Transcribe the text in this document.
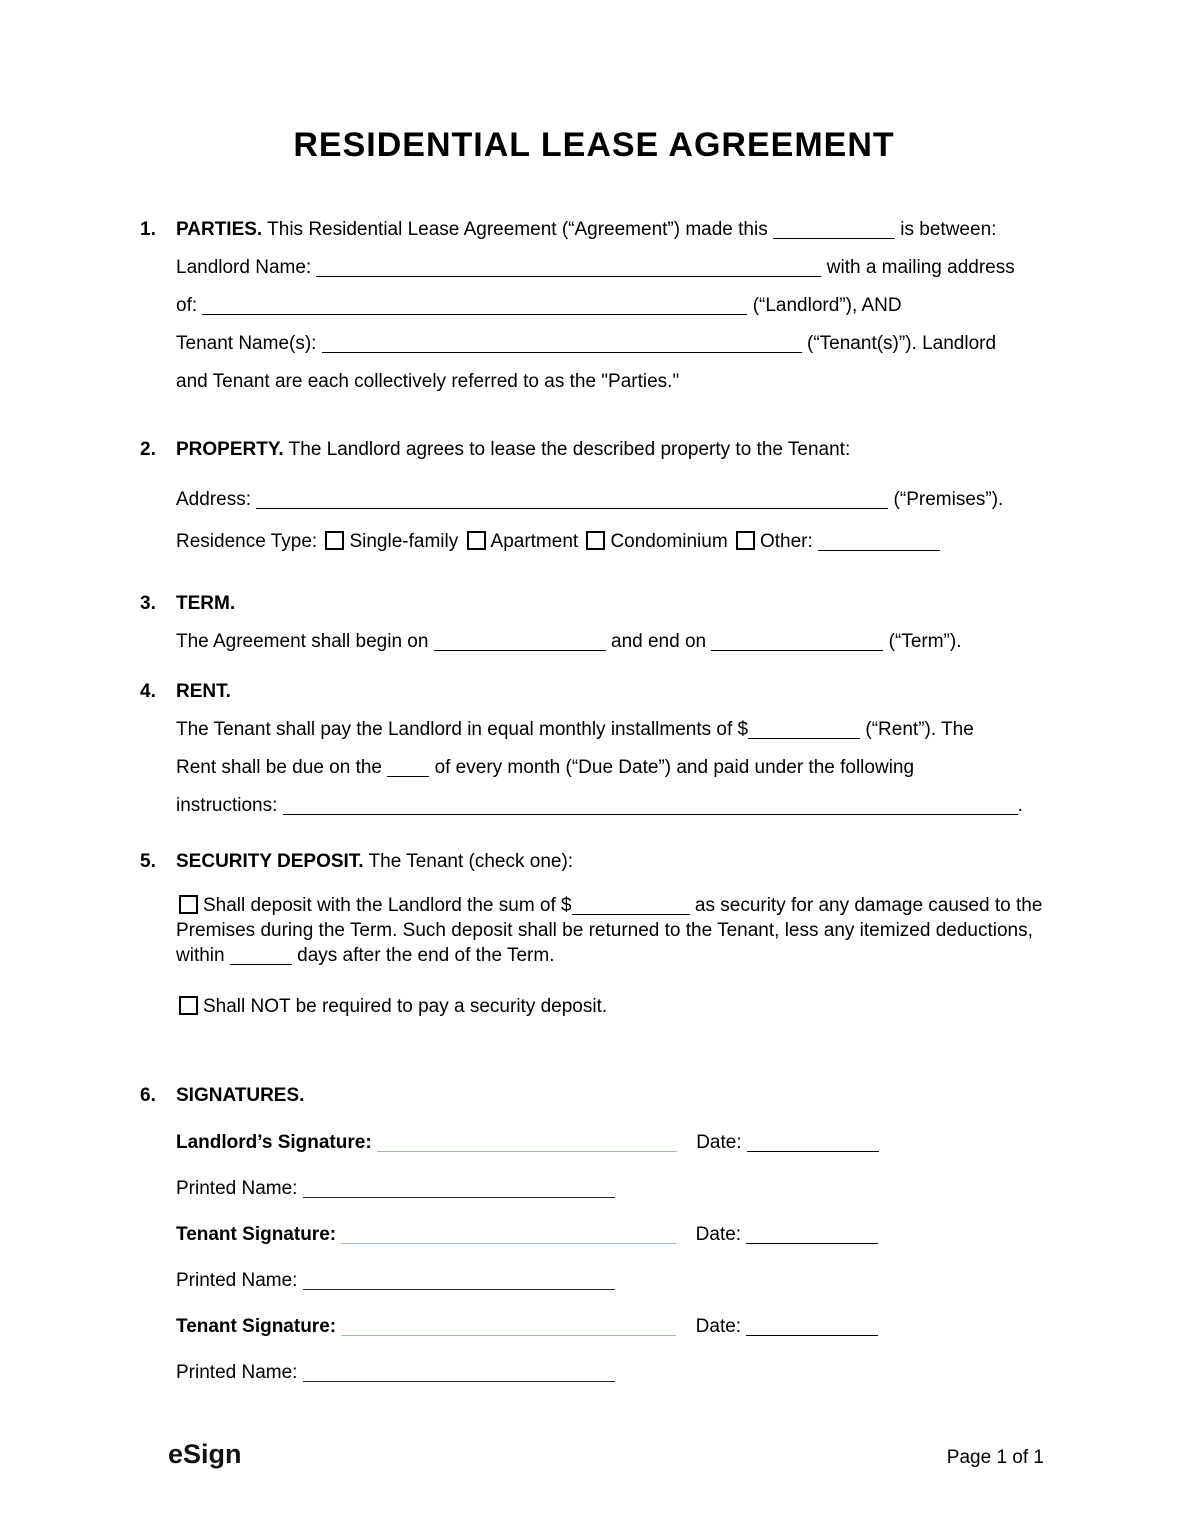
RESIDENTIAL LEASE AGREEMENT
1.	PARTIES. This Residential Lease Agreement (“Agreement”) made this	is between:
Landlord Name:	with a mailing address
of:	(“Landlord”), AND
Tenant Name(s):	(“Tenant(s)”). Landlord
and Tenant are each collectively referred to as the "Parties."
2.	PROPERTY. The Landlord agrees to lease the described property to the Tenant:
Address:	(“Premises”).
Residence Type: Single-family Apartment Condominium Other:
3.	TERM.
The Agreement shall begin on	and end on	(“Term”).
4.	RENT.
The Tenant shall pay the Landlord in equal monthly installments of $	(“Rent”). The
Rent shall be due on the	of every month (“Due Date”) and paid under the following
instructions:	.
5.	SECURITY DEPOSIT. The Tenant (check one):
Shall deposit with the Landlord the sum of $	as security for any damage caused to the Premises during the Term. Such deposit shall be returned to the Tenant, less any itemized deductions, within	days after the end of the Term.
Shall NOT be required to pay a security deposit.
6.	SIGNATURES.
Landlord’s Signature:	Date:
Printed Name:
Tenant Signature:	Date:
Printed Name:
Tenant Signature:	Date:
Printed Name:
eSign	Page 1 of 1
